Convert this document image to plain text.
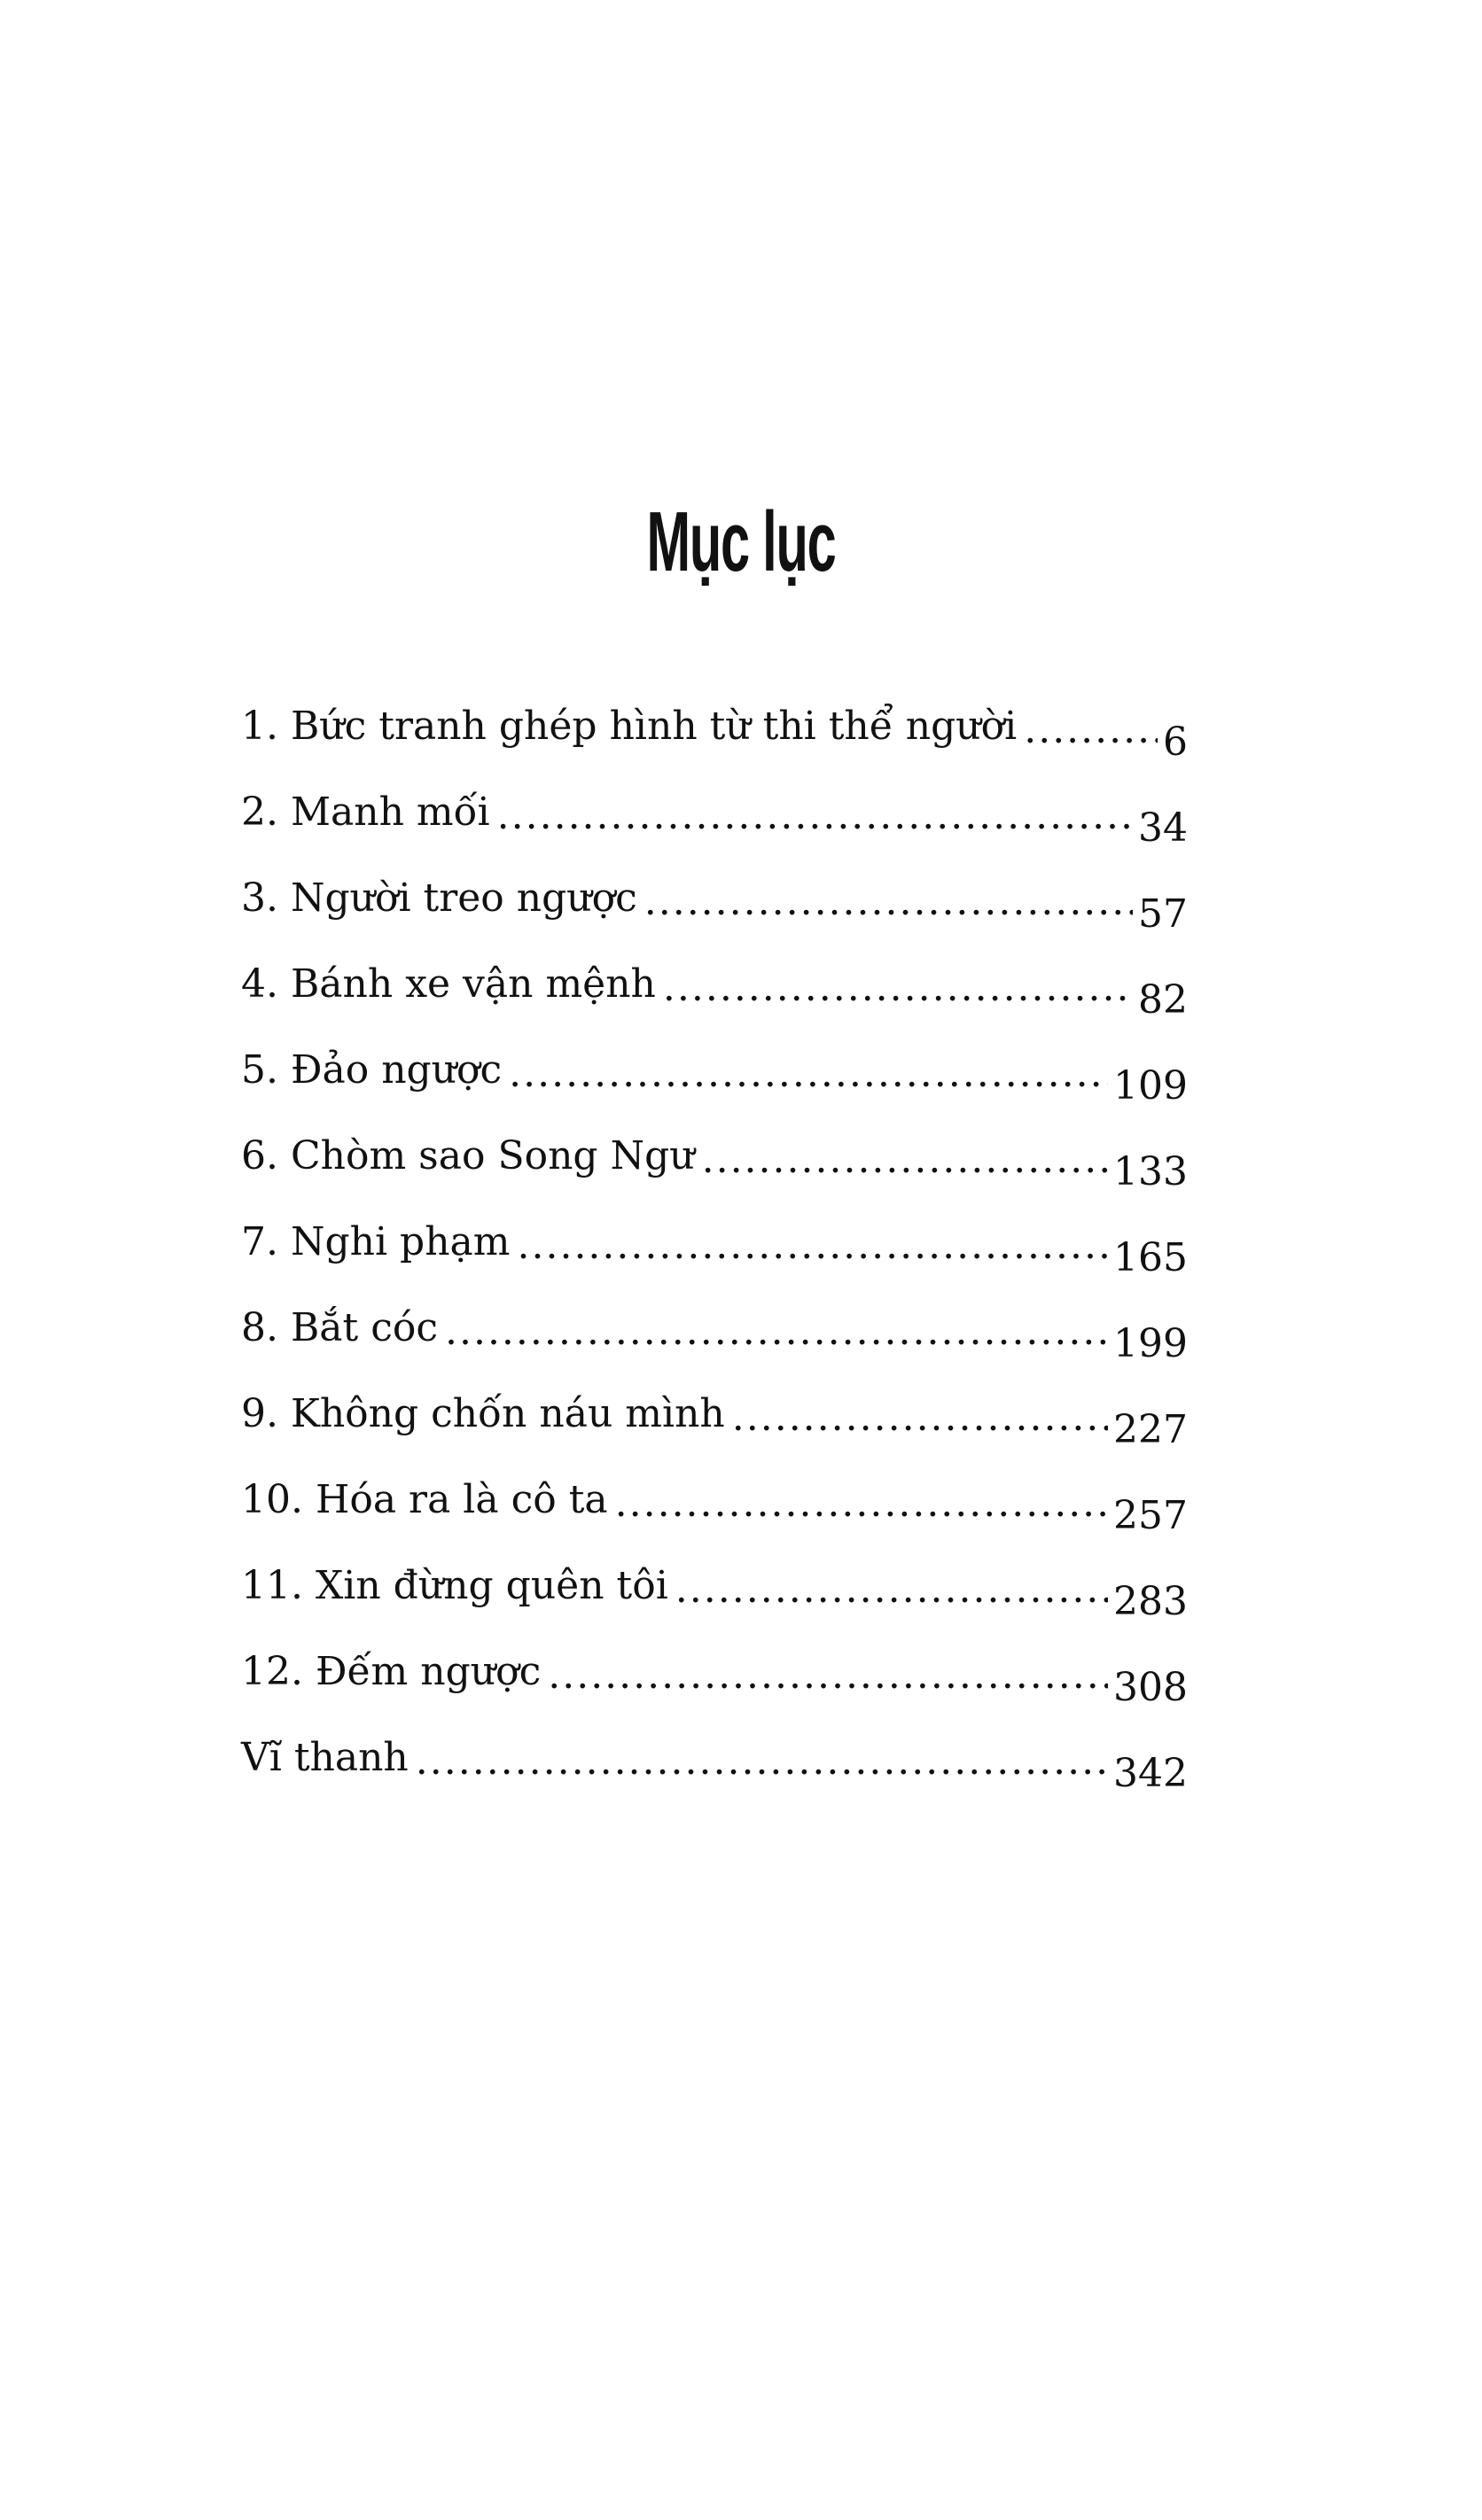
Mục lục
1. Bức tranh ghép hình từ thi thể người .....	6
2. Manh mối .....	34
3. Người treo ngược .....	57
4. Bánh xe vận mệnh .....	82
5. Đảo ngược .....	109
6. Chòm sao Song Ngư .....	133
7. Nghi phạm .....	165
8. Bắt cóc .....	199
9. Không chốn náu mình .....	227
10. Hóa ra là cô ta .....	257
11. Xin đừng quên tôi .....	283
12. Đếm ngược .....	308
Vĩ thanh .....	342
